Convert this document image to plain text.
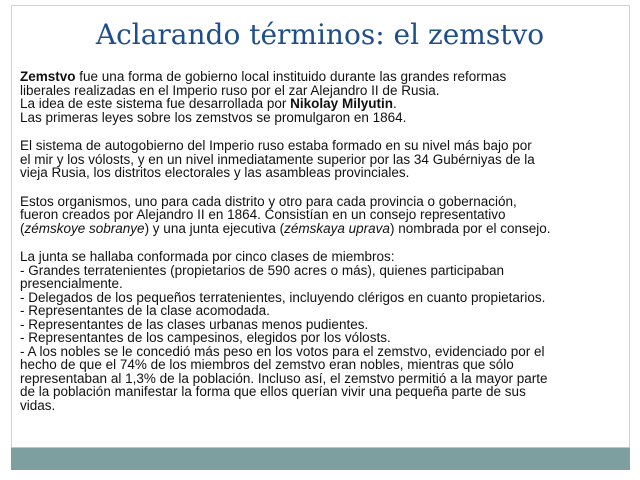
Aclarando términos: el zemstvo
Zemstvo fue una forma de gobierno local instituido durante las grandes reformas
liberales realizadas en el Imperio ruso por el zar Alejandro II de Rusia.
La idea de este sistema fue desarrollada por Nikolay Milyutin.
Las primeras leyes sobre los zemstvos se promulgaron en 1864.
El sistema de autogobierno del Imperio ruso estaba formado en su nivel más bajo por
el mir y los vólosts, y en un nivel inmediatamente superior por las 34 Gubérniyas de la
vieja Rusia, los distritos electorales y las asambleas provinciales.
Estos organismos, uno para cada distrito y otro para cada provincia o gobernación,
fueron creados por Alejandro II en 1864. Consistían en un consejo representativo
(zémskoye sobranye) y una junta ejecutiva (zémskaya uprava) nombrada por el consejo.
La junta se hallaba conformada por cinco clases de miembros:
- Grandes terratenientes (propietarios de 590 acres o más), quienes participaban
presencialmente.
- Delegados de los pequeños terratenientes, incluyendo clérigos en cuanto propietarios.
- Representantes de la clase acomodada.
- Representantes de las clases urbanas menos pudientes.
- Representantes de los campesinos, elegidos por los vólosts.
- A los nobles se le concedió más peso en los votos para el zemstvo, evidenciado por el
hecho de que el 74% de los miembros del zemstvo eran nobles, mientras que sólo
representaban al 1,3% de la población. Incluso así, el zemstvo permitió a la mayor parte
de la población manifestar la forma que ellos querían vivir una pequeña parte de sus
vidas.
